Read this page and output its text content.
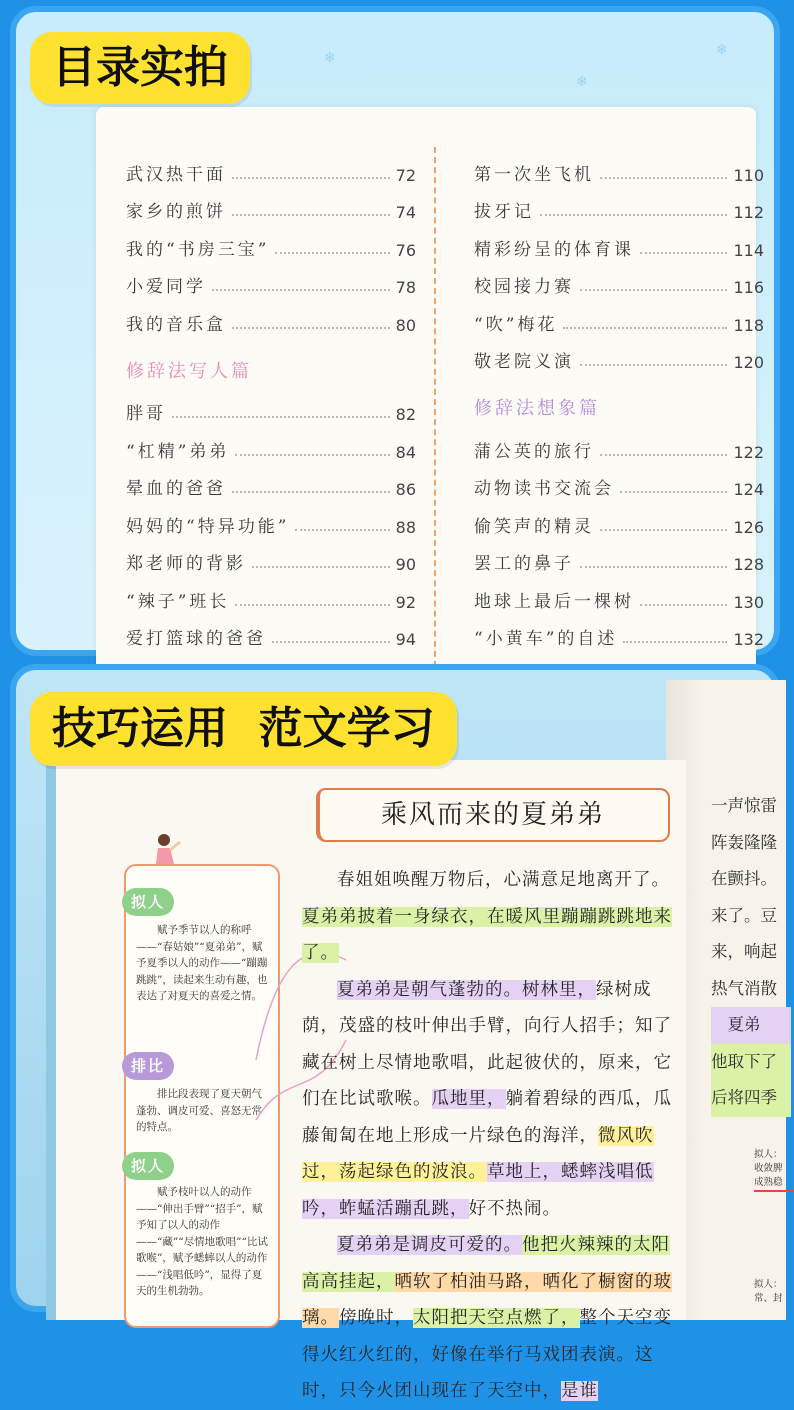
❄
❄
❄
目录实拍
武汉热干面	72
家乡的煎饼	74
我的“书房三宝”	76
小爱同学	78
我的音乐盒	80
修辞法写人篇
胖哥	82
“杠精”弟弟	84
晕血的爸爸	86
妈妈的“特异功能”	88
郑老师的背影	90
“辣子”班长	92
爱打篮球的爸爸	94
第一次坐飞机	110
拔牙记	112
精彩纷呈的体育课	114
校园接力赛	116
“吹”梅花	118
敬老院义演	120
修辞法想象篇
蒲公英的旅行	122
动物读书交流会	124
偷笑声的精灵	126
罢工的鼻子	128
地球上最后一棵树	130
“小黄车”的自述	132
技巧运用  范文学习
乘风而来的夏弟弟
拟人
赋予季节以人的称呼——“春姑娘”“夏弟弟”，赋予夏季以人的动作——“蹦蹦跳跳”，读起来生动有趣，也表达了对夏天的喜爱之情。
排比
排比段表现了夏天朝气蓬勃、调皮可爱、喜怒无常的特点。
拟人
赋予枝叶以人的动作——“伸出手臂”“招手”，赋予知了以人的动作——“藏”“尽情地歌唱”“比试歌喉”，赋予蟋蟀以人的动作——“浅唱低吟”，显得了夏天的生机勃勃。

春姐姐唤醒万物后，心满意足地离开了。夏弟弟披着一身绿衣，在暖风里蹦蹦跳跳地来了。

夏弟弟是朝气蓬勃的。树林里，绿树成荫，茂盛的枝叶伸出手臂，向行人招手；知了藏在树上尽情地歌唱，此起彼伏的，原来，它们在比试歌喉。瓜地里，躺着碧绿的西瓜，瓜藤匍匐在地上形成一片绿色的海洋，微风吹过，荡起绿色的波浪。草地上，蟋蟀浅唱低吟，蚱蜢活蹦乱跳，好不热闹。

夏弟弟是调皮可爱的。他把火辣辣的太阳高高挂起，晒软了柏油马路，晒化了橱窗的玻璃。傍晚时，太阳把天空点燃了，整个天空变得火红火红的，好像在举行马戏团表演。这时，只今火团山现在了天空中，是谁

一声惊雷
阵轰隆隆
在颤抖。
来了。豆
来，响起
热气消散
　夏弟
他取下了
后将四季
拟人：
收敛脾
成熟稳
拟人：
常、封
